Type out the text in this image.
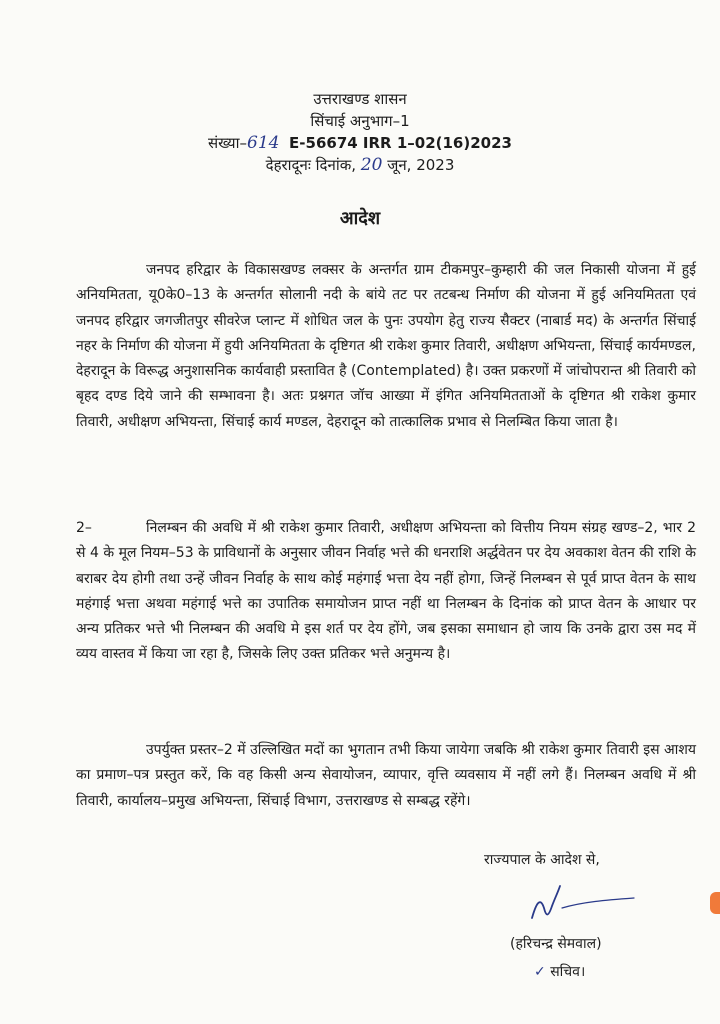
उत्तराखण्ड शासन
सिंचाई अनुभाग–1
संख्या–614 E-56674 IRR 1–02(16)2023
देहरादूनः दिनांक, 20 जून, 2023
आदेश

जनपद हरिद्वार के विकासखण्ड लक्सर के अन्तर्गत ग्राम टीकमपुर–कुम्हारी की जल निकासी योजना में हुई अनियमितता, यू0के0–13 के अन्तर्गत सोलानी नदी के बांये तट पर तटबन्ध निर्माण की योजना में हुई अनियमितता एवं जनपद हरिद्वार जगजीतपुर सीवरेज प्लान्ट में शोधित जल के पुनः उपयोग हेतु राज्य सैक्टर (नाबार्ड मद) के अन्तर्गत सिंचाई नहर के निर्माण की योजना में हुयी अनियमितता के दृष्टिगत श्री राकेश कुमार तिवारी, अधीक्षण अभियन्ता, सिंचाई कार्यमण्डल, देहरादून के विरूद्ध अनुशासनिक कार्यवाही प्रस्तावित है (Contemplated) है। उक्त प्रकरणों में जांचोपरान्त श्री तिवारी को बृहद दण्ड दिये जाने की सम्भावना है। अतः प्रश्नगत जॉच आख्या में इंगित अनियमितताओं के दृष्टिगत श्री राकेश कुमार तिवारी, अधीक्षण अभियन्ता, सिंचाई कार्य मण्डल, देहरादून को तात्कालिक प्रभाव से निलम्बित किया जाता है।

2–	निलम्बन की अवधि में श्री राकेश कुमार तिवारी, अधीक्षण अभियन्ता को वित्तीय नियम संग्रह खण्ड–2, भार 2 से 4 के मूल नियम–53 के प्राविधानों के अनुसार जीवन निर्वाह भत्ते की धनराशि अर्द्धवेतन पर देय अवकाश वेतन की राशि के बराबर देय होगी तथा उन्हें जीवन निर्वाह के साथ कोई महंगाई भत्ता देय नहीं होगा, जिन्हें निलम्बन से पूर्व प्राप्त वेतन के साथ महंगाई भत्ता अथवा महंगाई भत्ते का उपातिक समायोजन प्राप्त नहीं था निलम्बन के दिनांक को प्राप्त वेतन के आधार पर अन्य प्रतिकर भत्ते भी निलम्बन की अवधि मे इस शर्त पर देय होंगे, जब इसका समाधान हो जाय कि उनके द्वारा उस मद में व्यय वास्तव में किया जा रहा है, जिसके लिए उक्त प्रतिकर भत्ते अनुमन्य है।

उपर्युक्त प्रस्तर–2 में उल्लिखित मदों का भुगतान तभी किया जायेगा जबकि श्री राकेश कुमार तिवारी इस आशय का प्रमाण–पत्र प्रस्तुत करें, कि वह किसी अन्य सेवायोजन, व्यापार, वृत्ति व्यवसाय में नहीं लगे हैं। निलम्बन अवधि में श्री तिवारी, कार्यालय–प्रमुख अभियन्ता, सिंचाई विभाग, उत्तराखण्ड से सम्बद्ध रहेंगे।

राज्यपाल के आदेश से,
(हरिचन्द्र सेमवाल)
✓ सचिव।
